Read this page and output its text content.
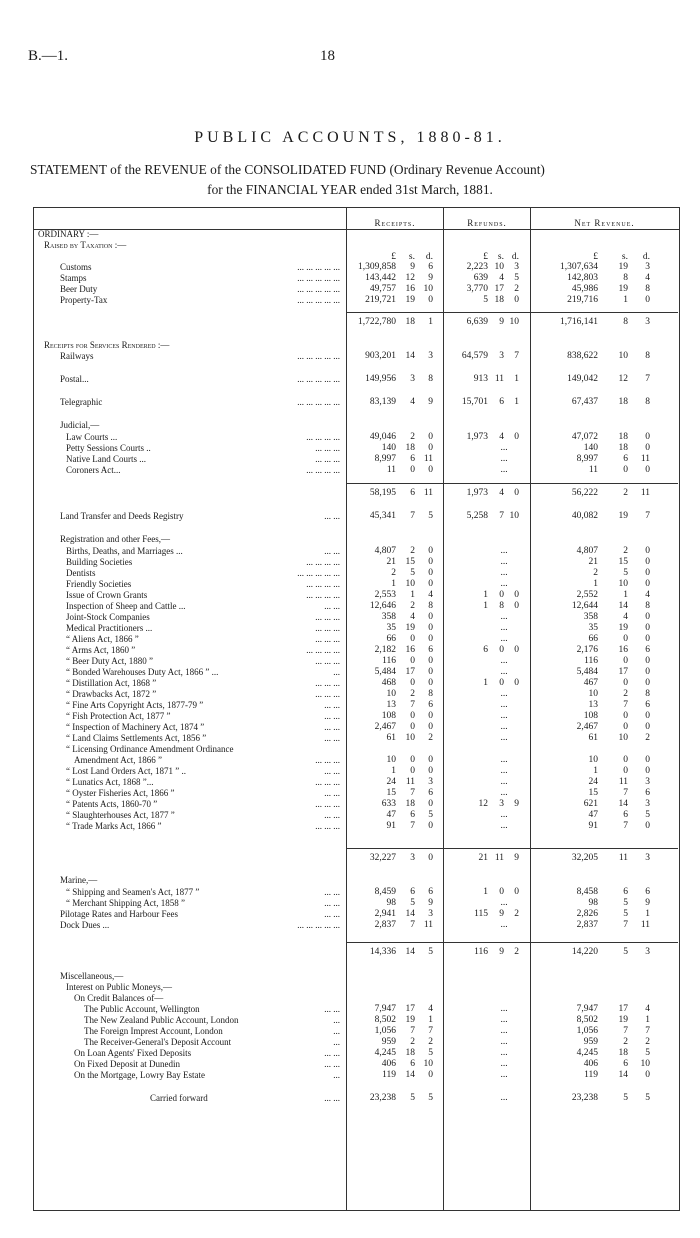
B.—1.	18
PUBLIC ACCOUNTS, 1880-81.
STATEMENT of the REVENUE of the CONSOLIDATED FUND (Ordinary Revenue Account)
for the FINANCIAL YEAR ended 31st March, 1881.
Receipts.	Refunds.	Net Revenue.
ORDINARY :—
Raised by Taxation :—
£ s. d.	£ s. d.	£	s. d.
Customs	... ... ... ... ... 1,309,858 9 6	2,223 10 3	1,307,634 19 3
Stamps	... ... ... ... ...	143,442 12 9	639 4 5	142,803	8 4
Beer Duty	... ... ... ... ...	49,757 16 10	3,770 17 2	45,986 19 8
Property-Tax	... ... ... ... ...	219,721 19 0	5 18 0	219,716	1 0
1,722,780 18 1	6,639 9 10	1,716,141	8 3
Receipts for Services Rendered :—
Railways	... ... ... ... ...	903,201 14 3	64,579 3 7	838,622 10 8
Postal...	... ... ... ... ...	149,956 3 8	913 11 1	149,042 12 7
Telegraphic	... ... ... ... ...	83,139 4 9	15,701 6 1	67,437 18 8
Judicial,—
Law Courts ...	... ... ... ...	49,046 2 0	1,973 4 0	47,072 18 0
Petty Sessions Courts ..	... ... ...	140 18 0	...	140 18 0
Native Land Courts ...	... ... ...	8,997 6 11	...	8,997	6 11
Coroners Act...	... ... ... ...	11 0 0	...	11	0 0
58,195 6 11	1,973 4 0	56,222	2 11
Land Transfer and Deeds Registry	... ...	45,341 7 5	5,258 7 10	40,082 19 7
Registration and other Fees,—
Births, Deaths, and Marriages ...	... ...	4,807 2 0	...	4,807	2 0
Building Societies	... ... ... ...	21 15 0	...	21 15 0
Dentists	... ... ... ... ...	2 5 0	...	2	5 0
Friendly Societies	... ... ... ...	1 10 0	...	1 10 0
Issue of Crown Grants	... ... ... ...	2,553 1 4	1 0 0	2,552	1 4
Inspection of Sheep and Cattle ...	... ...	12,646 2 8	1 8 0	12,644 14 8
Joint-Stock Companies	... ... ...	358 4 0	...	358	4 0
Medical Practitioners ...	... ... ...	35 19 0	...	35 19 0
“ Aliens Act, 1866 ”	... ... ...	66 0 0	...	66	0 0
“ Arms Act, 1860 ”	... ... ... ...	2,182 16 6	6 0 0	2,176 16 6
“ Beer Duty Act, 1880 ”	... ... ...	116 0 0	...	116	0 0
“ Bonded Warehouses Duty Act, 1866 ” ...	...	5,484 17 0	...	5,484 17 0
“ Distillation Act, 1868 ”	... ... ...	468 0 0	1 0 0	467	0 0
“ Drawbacks Act, 1872 ”	... ... ...	10 2 8	...	10	2 8
“ Fine Arts Copyright Acts, 1877-79 ”	... ...	13 7 6	...	13	7 6
“ Fish Protection Act, 1877 ”	... ...	108 0 0	...	108	0 0
“ Inspection of Machinery Act, 1874 ”	... ...	2,467 0 0	...	2,467	0 0
“ Land Claims Settlements Act, 1856 ”	... ...	61 10 2	...	61 10 2
“ Licensing Ordinance Amendment Ordinance
Amendment Act, 1866 ”	... ... ...	10 0 0	...	10	0 0
“ Lost Land Orders Act, 1871 ” ..	... ...	1 0 0	...	1	0 0
“ Lunatics Act, 1868 ”...	... ... ...	24 11 3	...	24 11 3
“ Oyster Fisheries Act, 1866 ”	... ...	15 7 6	...	15	7 6
“ Patents Acts, 1860-70 ”	... ... ...	633 18 0	12 3 9	621 14 3
“ Slaughterhouses Act, 1877 ”	... ...	47 6 5	...	47	6 5
“ Trade Marks Act, 1866 ”	... ... ...	91 7 0	...	91	7 0
32,227 3 0	21 11 9	32,205 11 3
Marine,—
“ Shipping and Seamen's Act, 1877 ”	... ...	8,459 6 6	1 0 0	8,458	6 6
“ Merchant Shipping Act, 1858 ”	... ...	98 5 9	...	98	5 9
Pilotage Rates and Harbour Fees	... ...	2,941 14 3	115 9 2	2,826	5 1
Dock Dues ...	... ... ... ... ...	2,837 7 11	...	2,837	7 11
14,336 14 5	116 9 2	14,220	5 3
Miscellaneous,—
Interest on Public Moneys,—
On Credit Balances of—
The Public Account, Wellington	... ...	7,947 17 4	...	7,947 17 4
The New Zealand Public Account, London	...	8,502 19 1	...	8,502 19 1
The Foreign Imprest Account, London	...	1,056 7 7	...	1,056	7 7
The Receiver-General's Deposit Account	...	959 2 2	...	959	2 2
On Loan Agents' Fixed Deposits	... ...	4,245 18 5	...	4,245 18 5
On Fixed Deposit at Dunedin	... ...	406 6 10	...	406	6 10
On the Mortgage, Lowry Bay Estate	...	119 14 0	...	119 14 0
Carried forward	... ...	23,238 5 5	...	23,238	5 5
